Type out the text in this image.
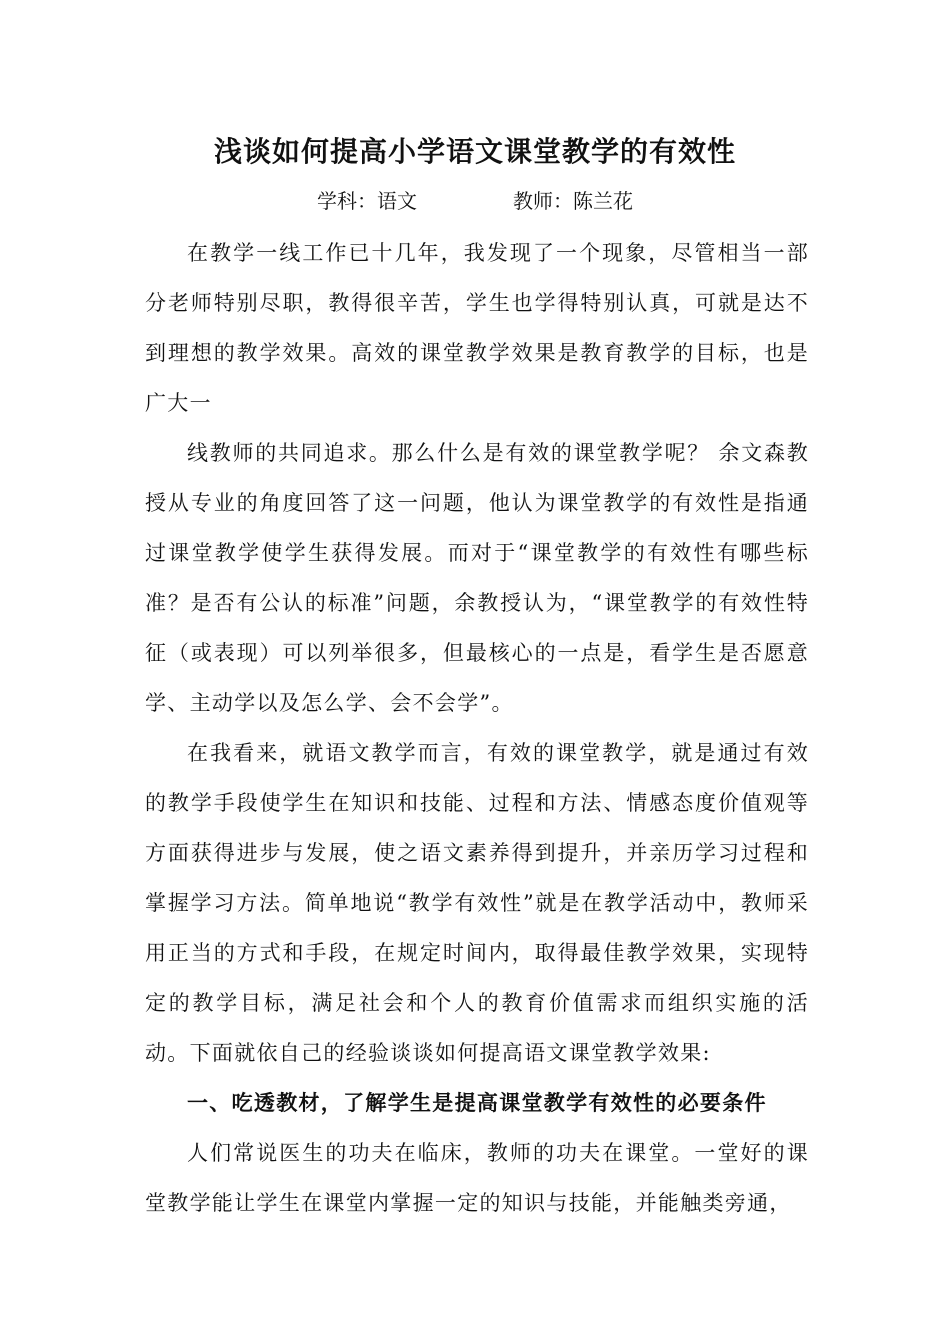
浅谈如何提高小学语文课堂教学的有效性
学科：语文	教师：陈兰花

在教学一线工作已十几年，我发现了一个现象，尽管相当一部分老师特别尽职，教得很辛苦，学生也学得特别认真，可就是达不到理想的教学效果。高效的课堂教学效果是教育教学的目标，也是广大一

线教师的共同追求。那么什么是有效的课堂教学呢？ 余文森教授从专业的角度回答了这一问题，他认为课堂教学的有效性是指通过课堂教学使学生获得发展。而对于“课堂教学的有效性有哪些标准？是否有公认的标准”问题，余教授认为，“课堂教学的有效性特征（或表现）可以列举很多，但最核心的一点是，看学生是否愿意学、主动学以及怎么学、会不会学”。

在我看来，就语文教学而言，有效的课堂教学，就是通过有效的教学手段使学生在知识和技能、过程和方法、情感态度价值观等方面获得进步与发展，使之语文素养得到提升，并亲历学习过程和掌握学习方法。简单地说“教学有效性”就是在教学活动中，教师采用正当的方式和手段，在规定时间内，取得最佳教学效果，实现特定的教学目标，满足社会和个人的教育价值需求而组织实施的活动。下面就依自己的经验谈谈如何提高语文课堂教学效果:

一、吃透教材，了解学生是提高课堂教学有效性的必要条件

人们常说医生的功夫在临床，教师的功夫在课堂。一堂好的课堂教学能让学生在课堂内掌握一定的知识与技能，并能触类旁通，
